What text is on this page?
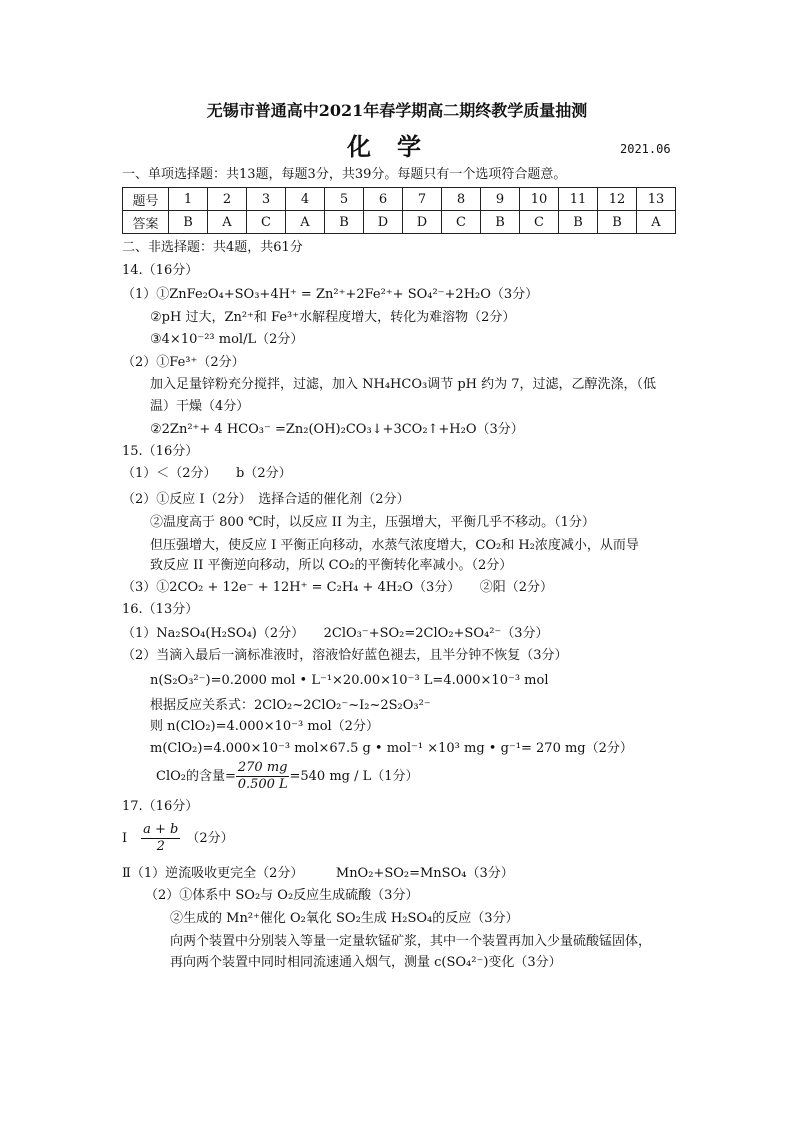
无锡市普通高中2021年春学期高二期终教学质量抽测
化学	2021.06
一、单项选择题：共13题，每题3分，共39分。每题只有一个选项符合题意。
题号	1	2	3	4	5	6	7	8	9	10	11	12	13
答案	B	A	C	A	B	D	D	C	B	C	B	B	A
二、非选择题：共4题，共61分
14.（16分）
（1）①ZnFe₂O₄+SO₃+4H⁺ = Zn²⁺+2Fe²⁺+ SO₄²⁻+2H₂O（3分）
②pH 过大，Zn²⁺和 Fe³⁺水解程度增大，转化为难溶物（2分）
③4×10⁻²³ mol/L（2分）
（2）①Fe³⁺（2分）
加入足量锌粉充分搅拌，过滤，加入 NH₄HCO₃调节 pH 约为 7，过滤，乙醇洗涤，（低
温）干燥（4分）
②2Zn²⁺+ 4 HCO₃⁻ =Zn₂(OH)₂CO₃↓+3CO₂↑+H₂O（3分）
15.（16分）
（1）＜（2分）　　b（2分）
（2）①反应 I（2分）　选择合适的催化剂（2分）
②温度高于 800 ℃时，以反应 II 为主，压强增大，平衡几乎不移动。（1分）
但压强增大，使反应 I 平衡正向移动，水蒸气浓度增大，CO₂和 H₂浓度减小，从而导
致反应 II 平衡逆向移动，所以 CO₂的平衡转化率减小。（2分）
（3）①2CO₂ + 12e⁻ + 12H⁺ = C₂H₄ + 4H₂O（3分）　　②阳（2分）
16.（13分）
（1）Na₂SO₄(H₂SO₄)（2分）　　2ClO₃⁻+SO₂=2ClO₂+SO₄²⁻（3分）
（2）当滴入最后一滴标准液时，溶液恰好蓝色褪去，且半分钟不恢复（3分）
n(S₂O₃²⁻)=0.2000 mol • L⁻¹×20.00×10⁻³ L=4.000×10⁻³ mol
根据反应关系式：2ClO₂~2ClO₂⁻~I₂~2S₂O₃²⁻
则 n(ClO₂)=4.000×10⁻³ mol（2分）
m(ClO₂)=4.000×10⁻³ mol×67.5 g • mol⁻¹ ×10³ mg • g⁻¹= 270 mg（2分）
ClO₂的含量= $\frac{270 mg}{0.500 L} =540$ mg / L（1分）
17.（16分）
I $\frac{a + b}{2} (2$分）
Ⅱ（1）逆流吸收更完全（2分）　　　MnO₂+SO₂=MnSO₄（3分）
（2）①体系中 SO₂与 O₂反应生成硫酸（3分）
②生成的 Mn²⁺催化 O₂氧化 SO₂生成 H₂SO₄的反应（3分）
向两个装置中分别装入等量一定量软锰矿浆，其中一个装置再加入少量硫酸锰固体，
再向两个装置中同时相同流速通入烟气，测量 c(SO₄²⁻)变化（3分）
